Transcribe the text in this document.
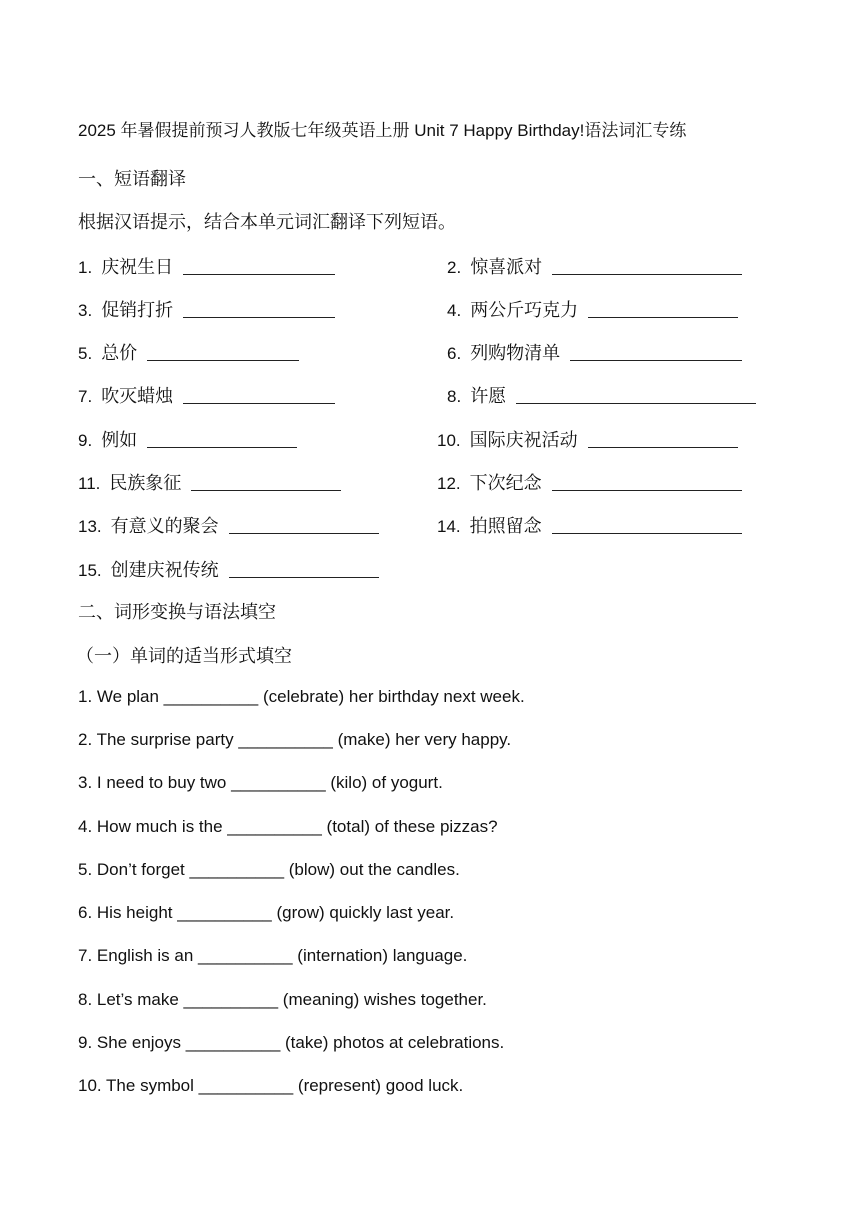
2025 年暑假提前预习人教版七年级英语上册 Unit 7 Happy Birthday!语法词汇专练
一、短语翻译
根据汉语提示，结合本单元词汇翻译下列短语。
1. 庆祝生日	2. 惊喜派对
3. 促销打折	4. 两公斤巧克力
5. 总价	6. 列购物清单
7. 吹灭蜡烛	8. 许愿
9. 例如	10. 国际庆祝活动
11. 民族象征	12. 下次纪念
13. 有意义的聚会	14. 拍照留念
15. 创建庆祝传统
二、词形变换与语法填空
（一）单词的适当形式填空
1. We plan __________ (celebrate) her birthday next week.
2. The surprise party __________ (make) her very happy.
3. I need to buy two __________ (kilo) of yogurt.
4. How much is the __________ (total) of these pizzas?
5. Don’t forget __________ (blow) out the candles.
6. His height __________ (grow) quickly last year.
7. English is an __________ (internation) language.
8. Let’s make __________ (meaning) wishes together.
9. She enjoys __________ (take) photos at celebrations.
10. The symbol __________ (represent) good luck.
